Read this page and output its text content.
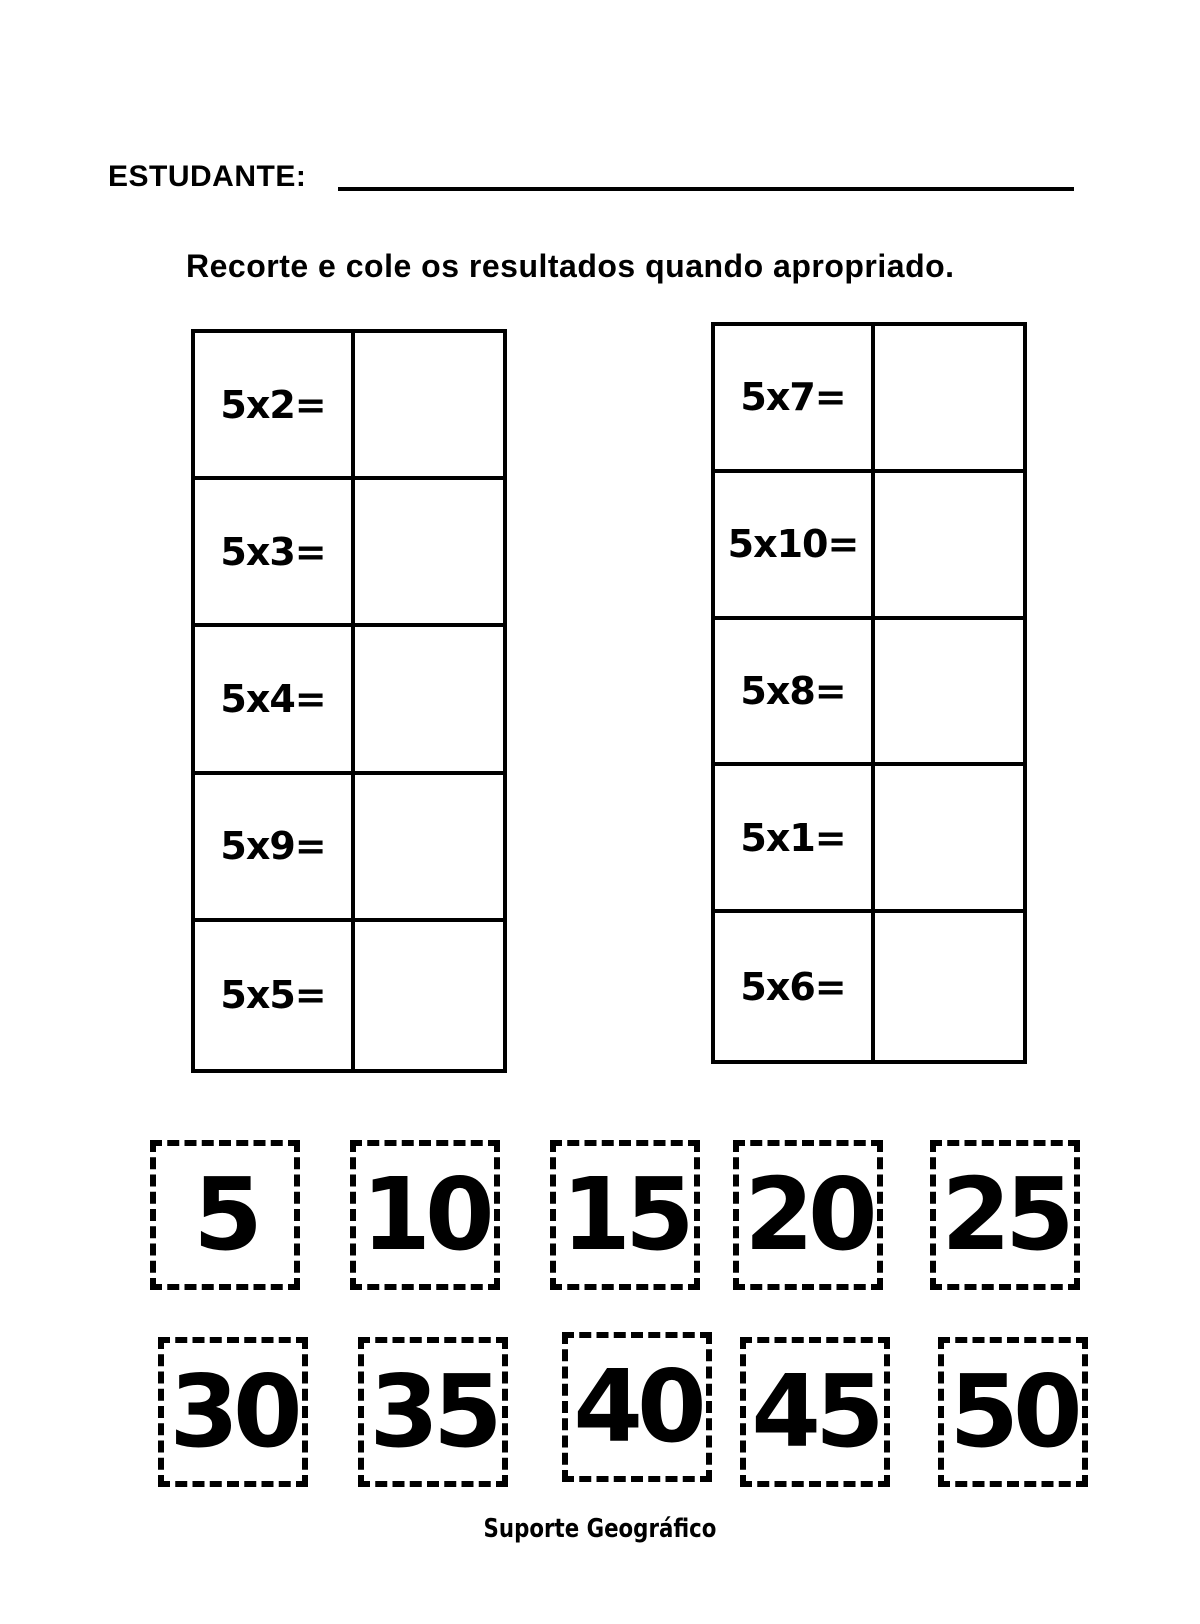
ESTUDANTE:
Recorte e cole os resultados quando apropriado.
5x2=
5x3=
5x4=
5x9=
5x5=
5x7=
5x10=
5x8=
5x1=
5x6=
5	10 15 20 25
30 35 40 45 50
Suporte Geográfico
